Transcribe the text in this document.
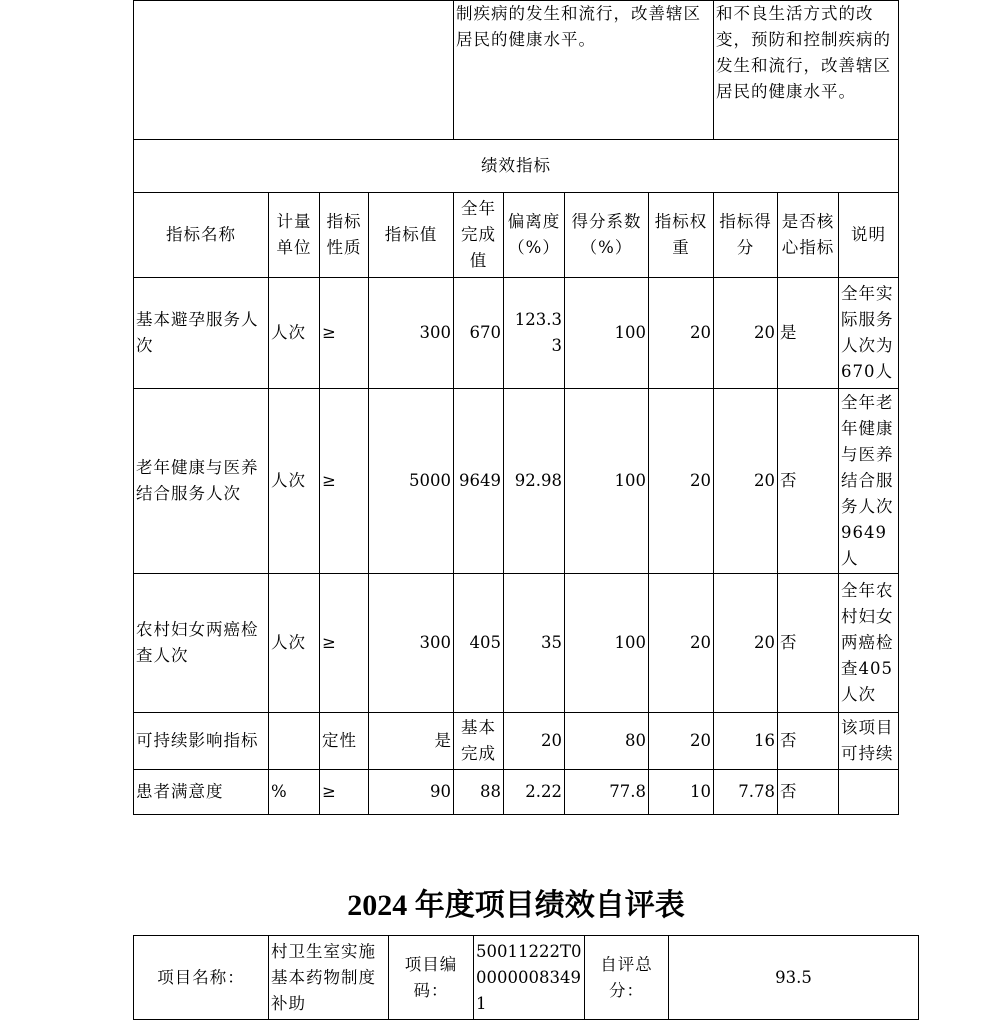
				制疾病的发生和流行，改善辖区居民的健康水平。				和不良生活方式的改变，预防和控制疾病的发生和流行，改善辖区居民的健康水平。		
绩效指标										
指标名称	计量单位	指标性质	指标值	全年完成值	偏离度（%）	得分系数（%）	指标权重	指标得分	是否核心指标	说明
基本避孕服务人次	人次	≥	300	670	123.33	100	20	20	是	全年实际服务人次为670人
老年健康与医养结合服务人次	人次	≥	5000	9649	92.98	100	20	20	否	全年老年健康与医养结合服务人次9649人
农村妇女两癌检查人次	人次	≥	300	405	35	100	20	20	否	全年农村妇女两癌检查405人次
可持续影响指标		定性	是	基本完成	20	80	20	16	否	该项目可持续
患者满意度	%	≥	90	88	2.22	77.8	10	7.78	否	
2024 年度项目绩效自评表
项目名称：	村卫生室实施基本药物制度补助	项目编码：	50011222T000000083491	自评总分：	93.5
